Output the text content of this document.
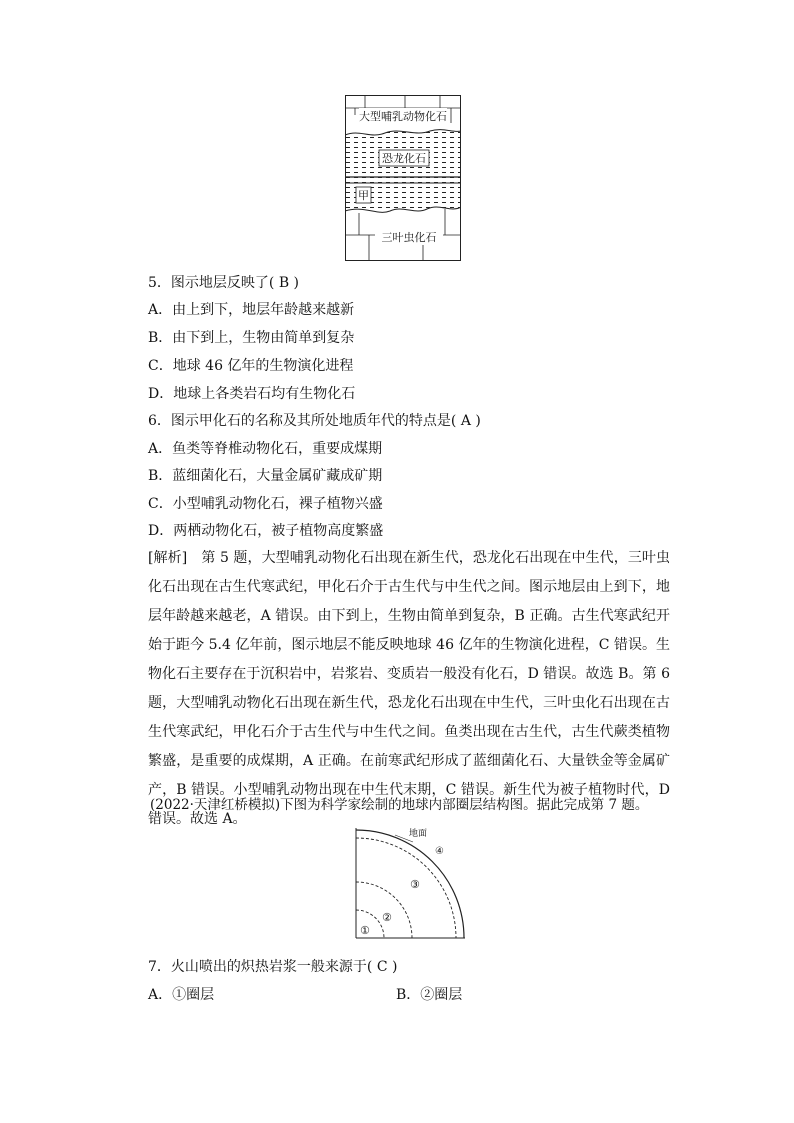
大型哺乳动物化石
恐龙化石
甲
三叶虫化石
5．图示地层反映了( B )
A．由上到下，地层年龄越来越新
B．由下到上，生物由简单到复杂
C．地球 46 亿年的生物演化进程
D．地球上各类岩石均有生物化石
6．图示甲化石的名称及其所处地质年代的特点是( A )
A．鱼类等脊椎动物化石，重要成煤期
B．蓝细菌化石，大量金属矿藏成矿期
C．小型哺乳动物化石，裸子植物兴盛
D．两栖动物化石，被子植物高度繁盛
[解析]　第 5 题，大型哺乳动物化石出现在新生代，恐龙化石出现在中生代，三叶虫化石出现在古生代寒武纪，甲化石介于古生代与中生代之间。图示地层由上到下，地层年龄越来越老，A 错误。由下到上，生物由简单到复杂，B 正确。古生代寒武纪开始于距今 5.4 亿年前，图示地层不能反映地球 46 亿年的生物演化进程，C 错误。生物化石主要存在于沉积岩中，岩浆岩、变质岩一般没有化石，D 错误。故选 B。第 6 题，大型哺乳动物化石出现在新生代，恐龙化石出现在中生代，三叶虫化石出现在古生代寒武纪，甲化石介于古生代与中生代之间。鱼类出现在古生代，古生代蕨类植物繁盛，是重要的成煤期，A 正确。在前寒武纪形成了蓝细菌化石、大量铁金等金属矿产，B 错误。小型哺乳动物出现在中生代末期，C 错误。新生代为被子植物时代，D 错误。故选 A。
(2022·天津红桥模拟)下图为科学家绘制的地球内部圈层结构图。据此完成第 7 题。
地面
④
③
②
①
7．火山喷出的炽热岩浆一般来源于( C )
A．①圈层	B．②圈层
